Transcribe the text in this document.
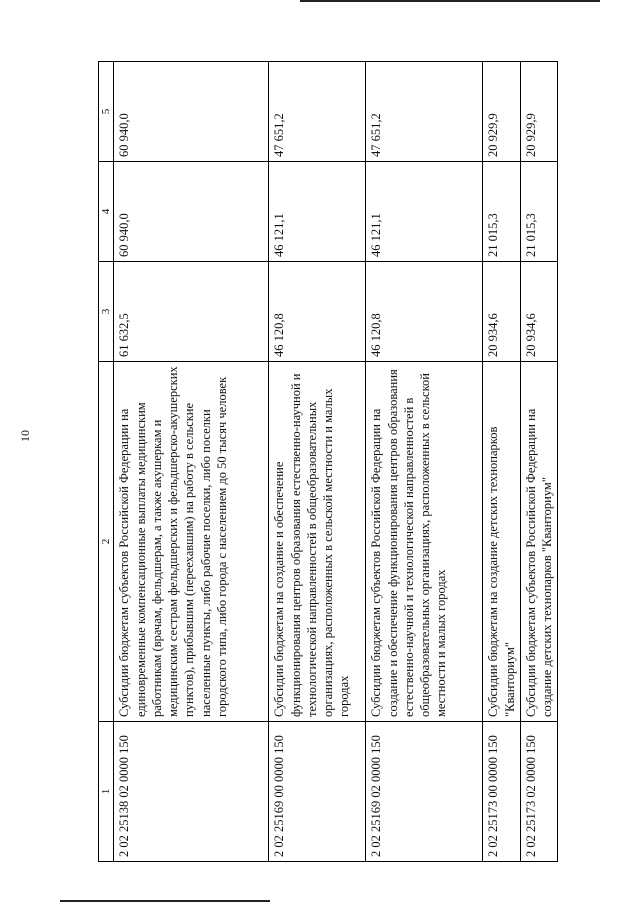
10
1	2	3	4	5
2 02 25138 02 0000 150	Субсидии бюджетам субъектов Российской Федерации на единовременные компенсационные выплаты медицинским работникам (врачам, фельдшерам, а также акушеркам и медицинским сестрам фельдшерских и фельдшерско-акушерских пунктов), прибывшим (переехавшим) на работу в сельские населенные пункты, либо рабочие поселки, либо поселки городского типа, либо города с населением до 50 тысяч человек	61 632,5	60 940,0	60 940,0
2 02 25169 00 0000 150	Субсидии бюджетам на создание и обеспечение функционирования центров образования естественно-научной и технологической направленностей в общеобразовательных организациях, расположенных в сельской местности и малых городах	46 120,8	46 121,1	47 651,2
2 02 25169 02 0000 150	Субсидии бюджетам субъектов Российской Федерации на создание и обеспечение функционирования центров образования естественно-научной и технологической направленностей в общеобразовательных организациях, расположенных в сельской местности и малых городах	46 120,8	46 121,1	47 651,2
2 02 25173 00 0000 150	Субсидии бюджетам на создание детских технопарков "Кванториум"	20 934,6	21 015,3	20 929,9
2 02 25173 02 0000 150	Субсидии бюджетам субъектов Российской Федерации на создание детских технопарков "Кванториум"	20 934,6	21 015,3	20 929,9
